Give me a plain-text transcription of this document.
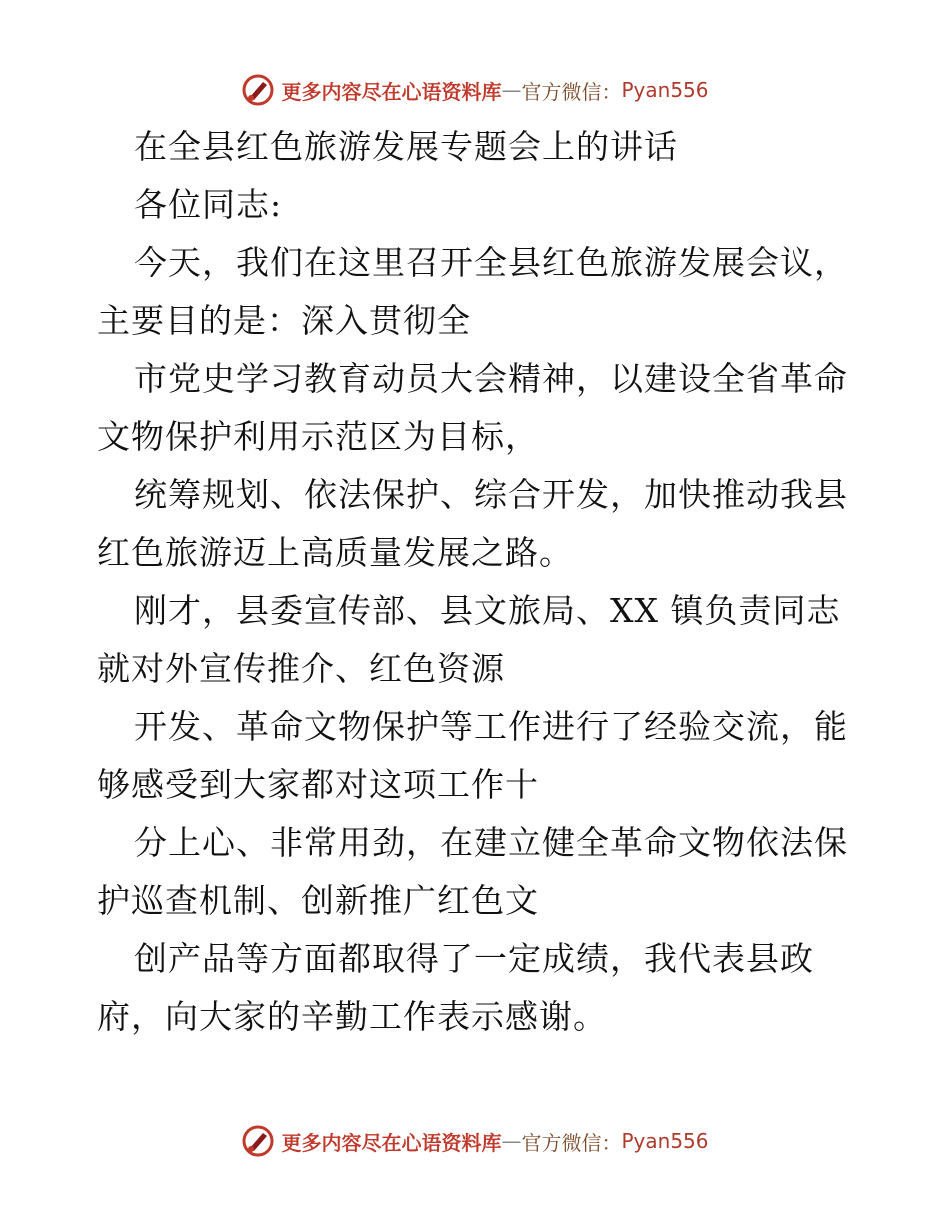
更多内容尽在心语资料库 — 官方微信： Pyan556
在全县红色旅游发展专题会上的讲话
各位同志:
今天，我们在这里召开全县红色旅游发展会议，
主要目的是：深入贯彻全
市党史学习教育动员大会精神，以建设全省革命
文物保护利用示范区为目标，
统筹规划、依法保护、综合开发，加快推动我县
红色旅游迈上高质量发展之路。
刚才，县委宣传部、县文旅局、XX 镇负责同志
就对外宣传推介、红色资源
开发、革命文物保护等工作进行了经验交流，能
够感受到大家都对这项工作十
分上心、非常用劲，在建立健全革命文物依法保
护巡查机制、创新推广红色文
创产品等方面都取得了一定成绩，我代表县政
府，向大家的辛勤工作表示感谢。
更多内容尽在心语资料库 — 官方微信： Pyan556
